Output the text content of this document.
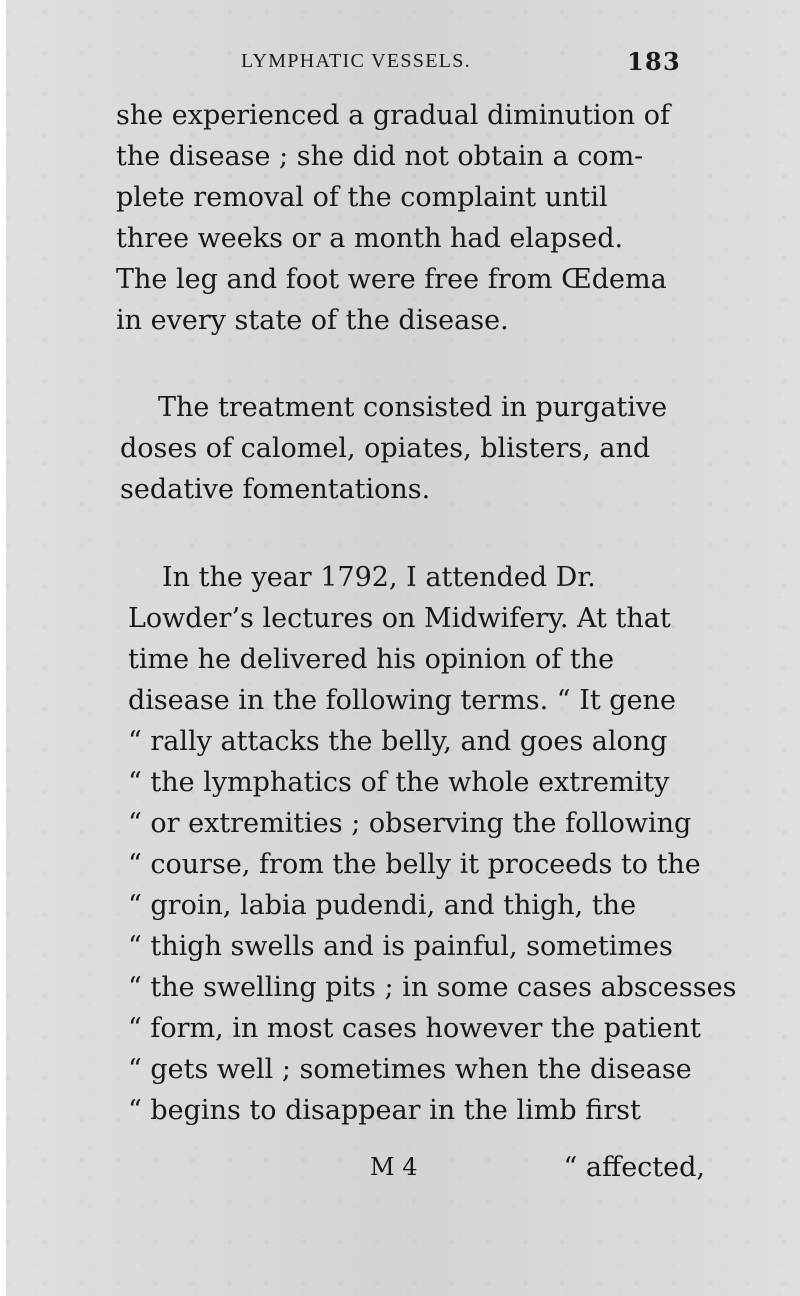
LYMPHATIC VESSELS.	183
she experienced a gradual diminution of
the disease ; she did not obtain a com-
plete removal of the complaint until
three weeks or a month had elapsed.
The leg and foot were free from Œdema
in every state of the disease.
The treatment consisted in purgative
doses of calomel, opiates, blisters, and
sedative fomentations.
In the year 1792, I attended Dr.
Lowder’s lectures on Midwifery. At that
time he delivered his opinion of the
disease in the following terms. “ It gene
“ rally attacks the belly, and goes along
“ the lymphatics of the whole extremity
“ or extremities ; observing the following
“ course, from the belly it proceeds to the
“ groin, labia pudendi, and thigh, the
“ thigh swells and is painful, sometimes
“ the swelling pits ; in some cases abscesses
“ form, in most cases however the patient
“ gets well ; sometimes when the disease
“ begins to disappear in the limb first
M 4	“ affected,
